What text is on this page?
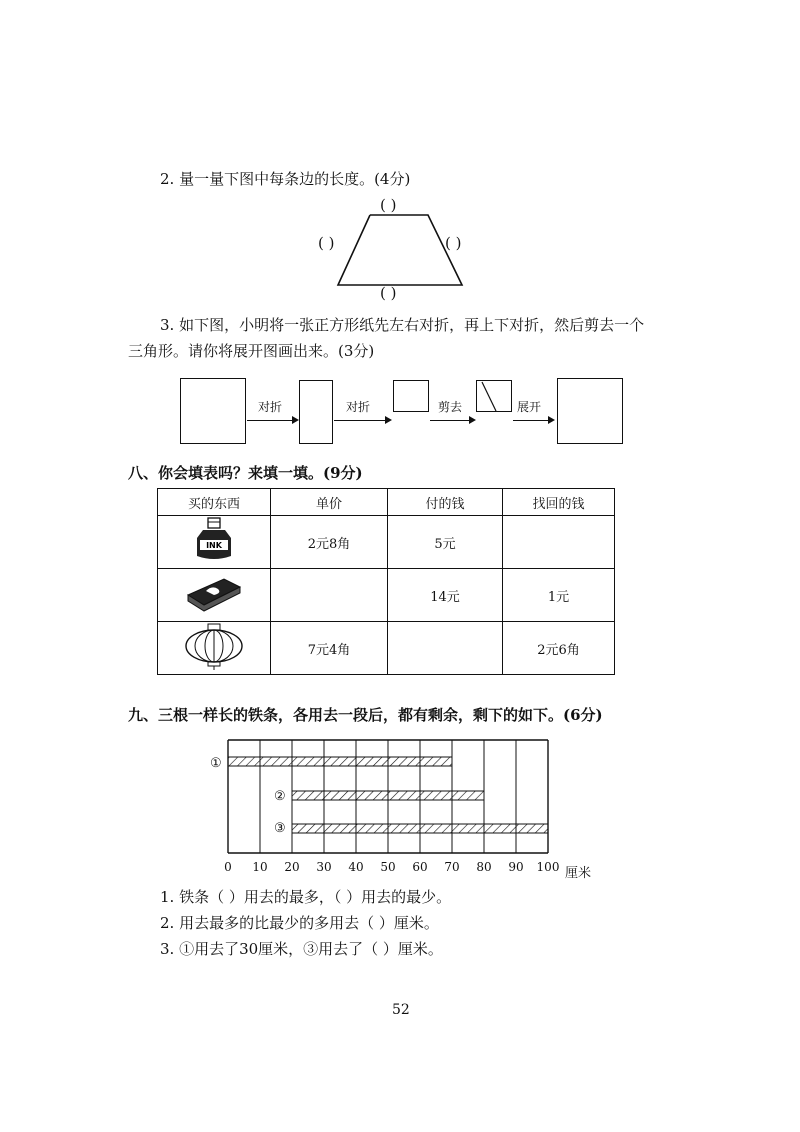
2. 量一量下图中每条边的长度。(4分)
( )
( )	( )
( )
3. 如下图，小明将一张正方形纸先左右对折，再上下对折，然后剪去一个
三角形。请你将展开图画出来。(3分)
对折	对折	剪去	展开
八、你会填表吗？来填一填。(9分)
买的东西	单价	付的钱	找回的钱

INK	2元8角	5元	
		14元	1元
	7元4角		2元6角
九、三根一样长的铁条，各用去一段后，都有剩余，剩下的如下。(6分)
①
②
③
0	10	20	30	40	50	60	70	80	90	100 厘米
1. 铁条（ ）用去的最多，（ ）用去的最少。
2. 用去最多的比最少的多用去（ ）厘米。
3. ①用去了30厘米，③用去了（ ）厘米。
52
